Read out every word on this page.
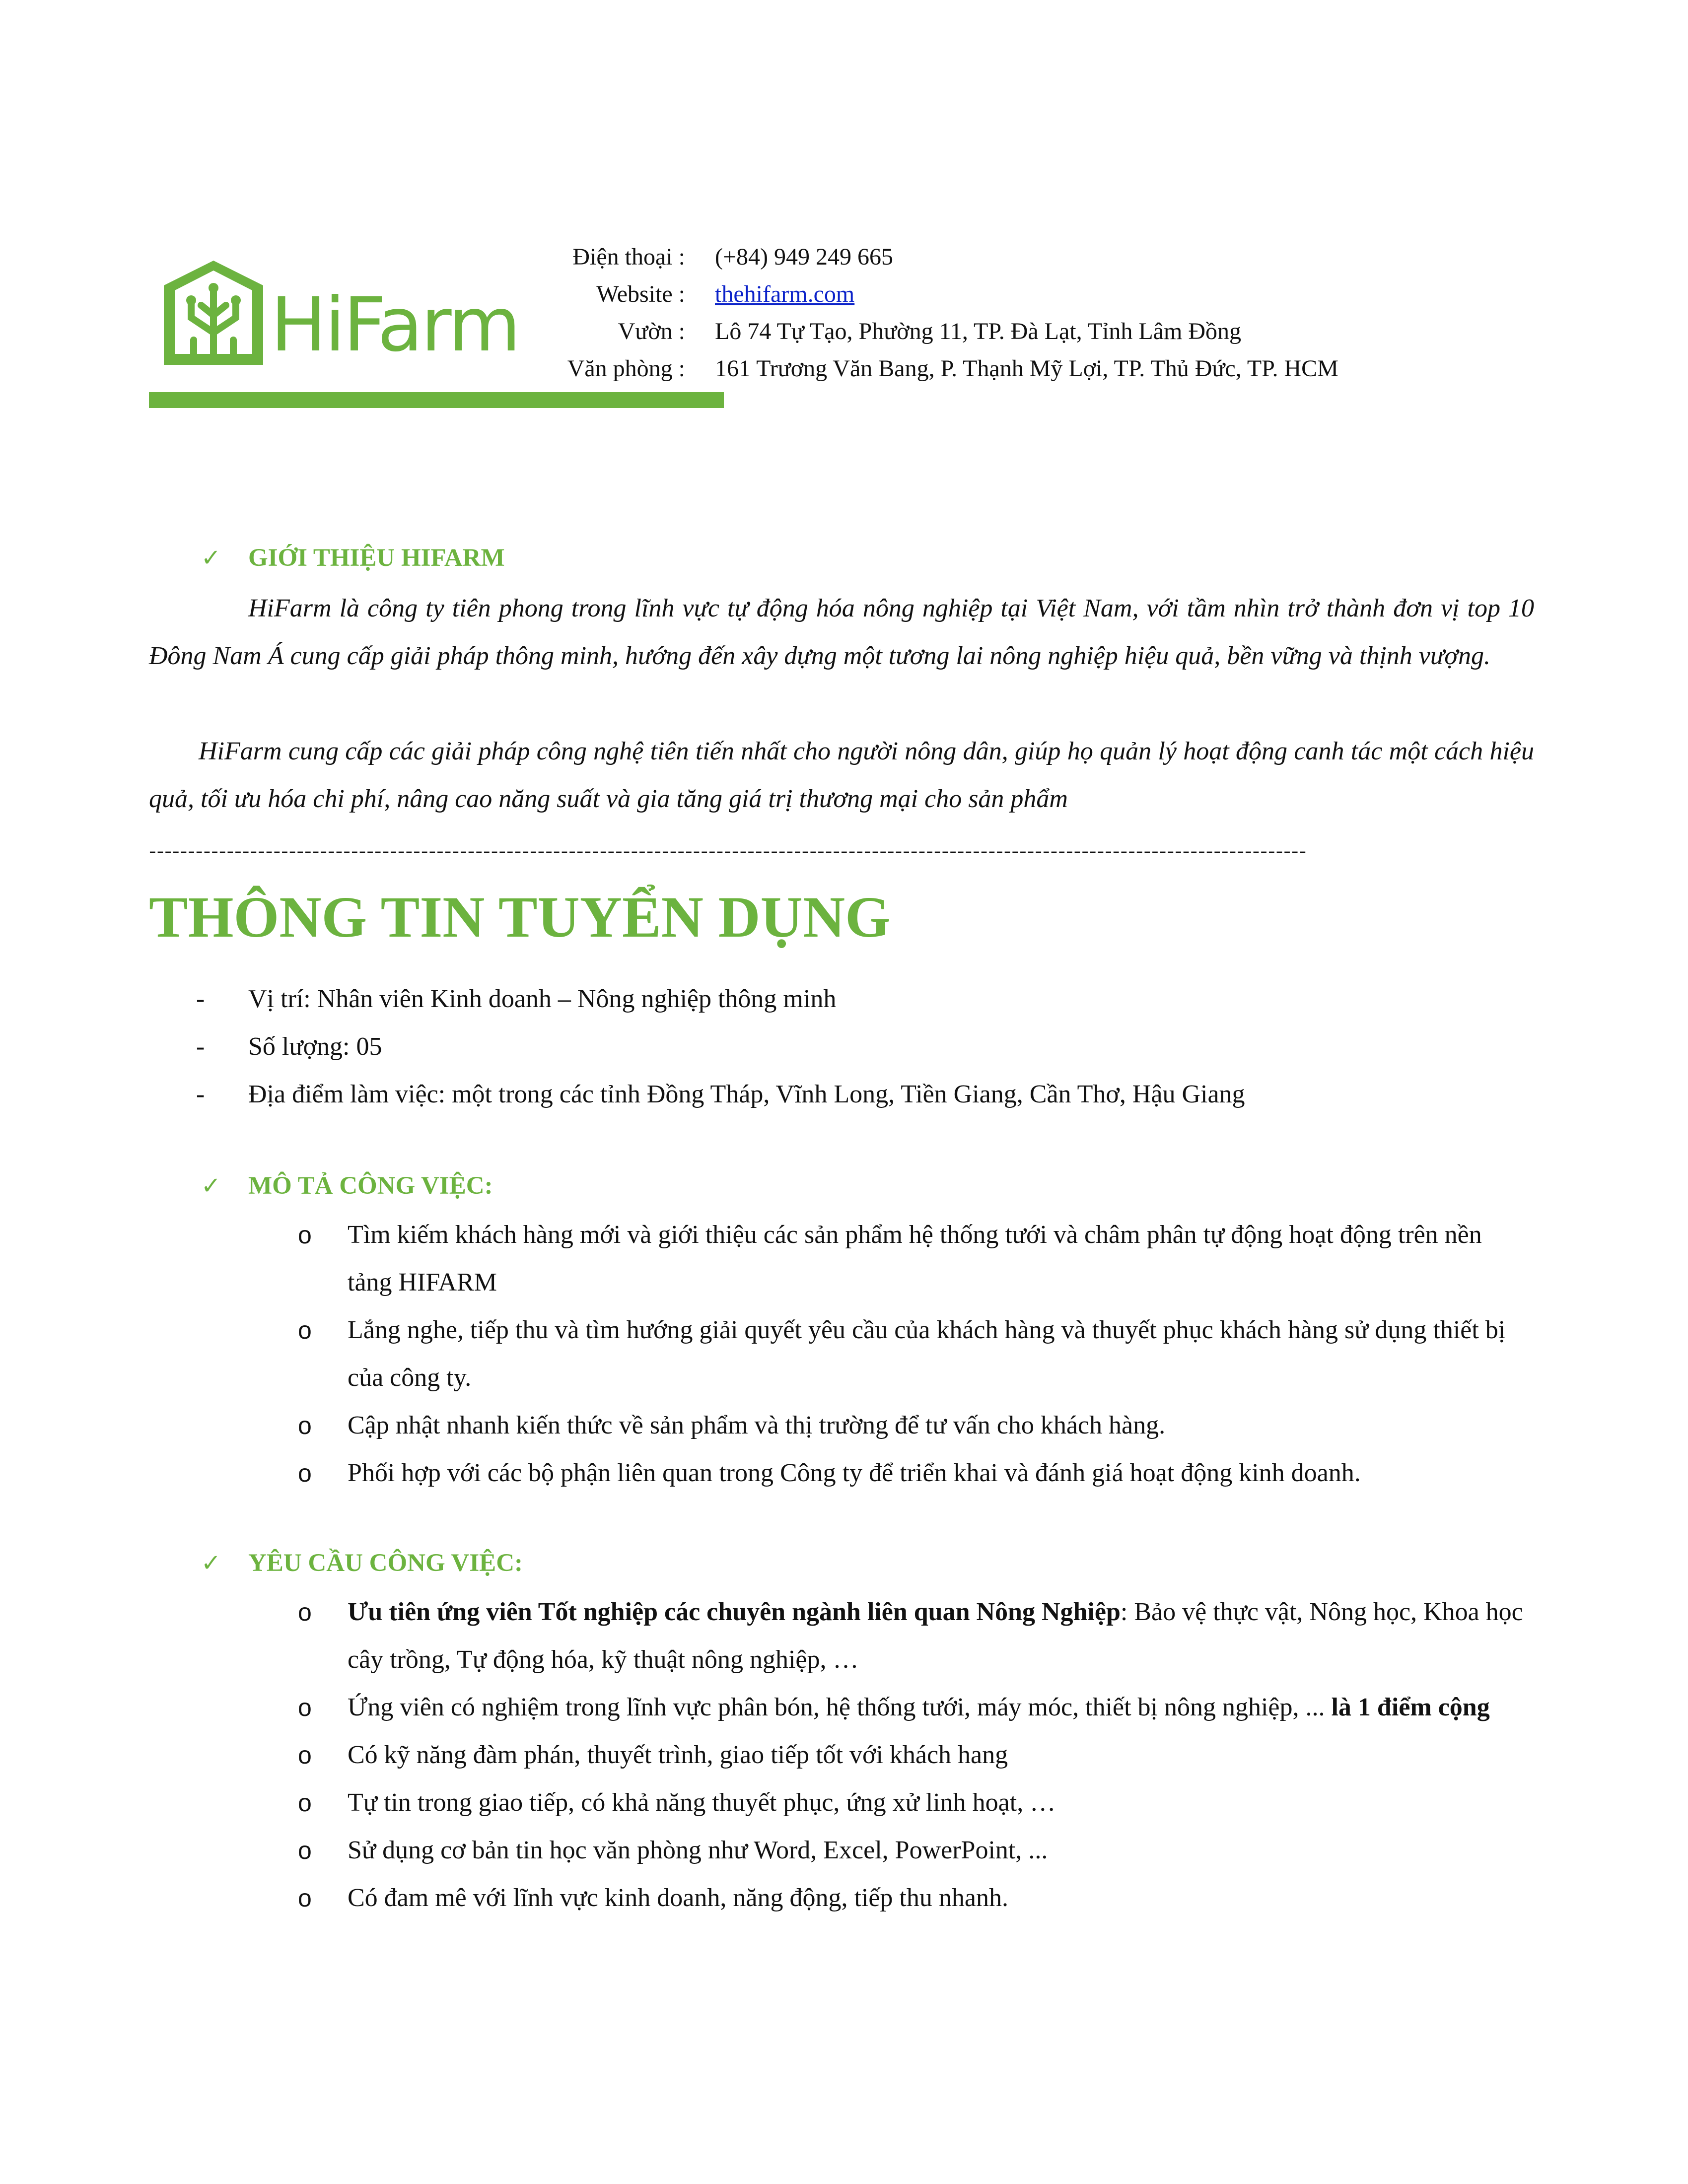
HiFarm
Điện thoại :	(+84) 949 249 665
Website :	thehifarm.com
Vườn :	Lô 74 Tự Tạo, Phường 11, TP. Đà Lạt, Tỉnh Lâm Đồng
Văn phòng :	161 Trương Văn Bang, P. Thạnh Mỹ Lợi, TP. Thủ Đức, TP. HCM
✓ GIỚI THIỆU HIFARM
HiFarm là công ty tiên phong trong lĩnh vực tự động hóa nông nghiệp tại Việt Nam, với tầm nhìn trở thành đơn vị top 10 Đông Nam Á cung cấp giải pháp thông minh, hướng đến xây dựng một tương lai nông nghiệp hiệu quả, bền vững và thịnh vượng.
HiFarm cung cấp các giải pháp công nghệ tiên tiến nhất cho người nông dân, giúp họ quản lý hoạt động canh tác một cách hiệu quả, tối ưu hóa chi phí, nâng cao năng suất và gia tăng giá trị thương mại cho sản phẩm
-----------------------------------------------------------------------------------------------------------------------------------------------------
THÔNG TIN TUYỂN DỤNG
-	Vị trí: Nhân viên Kinh doanh – Nông nghiệp thông minh
-	Số lượng: 05
-	Địa điểm làm việc: một trong các tỉnh Đồng Tháp, Vĩnh Long, Tiền Giang, Cần Thơ, Hậu Giang
✓ MÔ TẢ CÔNG VIỆC:
o	Tìm kiếm khách hàng mới và giới thiệu các sản phẩm hệ thống tưới và châm phân tự động hoạt động trên nền tảng HIFARM
o	Lắng nghe, tiếp thu và tìm hướng giải quyết yêu cầu của khách hàng và thuyết phục khách hàng sử dụng thiết bị của công ty.
o	Cập nhật nhanh kiến thức về sản phẩm và thị trường để tư vấn cho khách hàng.
o	Phối hợp với các bộ phận liên quan trong Công ty để triển khai và đánh giá hoạt động kinh doanh.
✓ YÊU CẦU CÔNG VIỆC:
o	Ưu tiên ứng viên Tốt nghiệp các chuyên ngành liên quan Nông Nghiệp: Bảo vệ thực vật, Nông học, Khoa học cây trồng, Tự động hóa, kỹ thuật nông nghiệp, …
o	Ứng viên có nghiệm trong lĩnh vực phân bón, hệ thống tưới, máy móc, thiết bị nông nghiệp, ... là 1 điểm cộng
o	Có kỹ năng đàm phán, thuyết trình, giao tiếp tốt với khách hang
o	Tự tin trong giao tiếp, có khả năng thuyết phục, ứng xử linh hoạt, …
o	Sử dụng cơ bản tin học văn phòng như Word, Excel, PowerPoint, ...
o	Có đam mê với lĩnh vực kinh doanh, năng động, tiếp thu nhanh.
